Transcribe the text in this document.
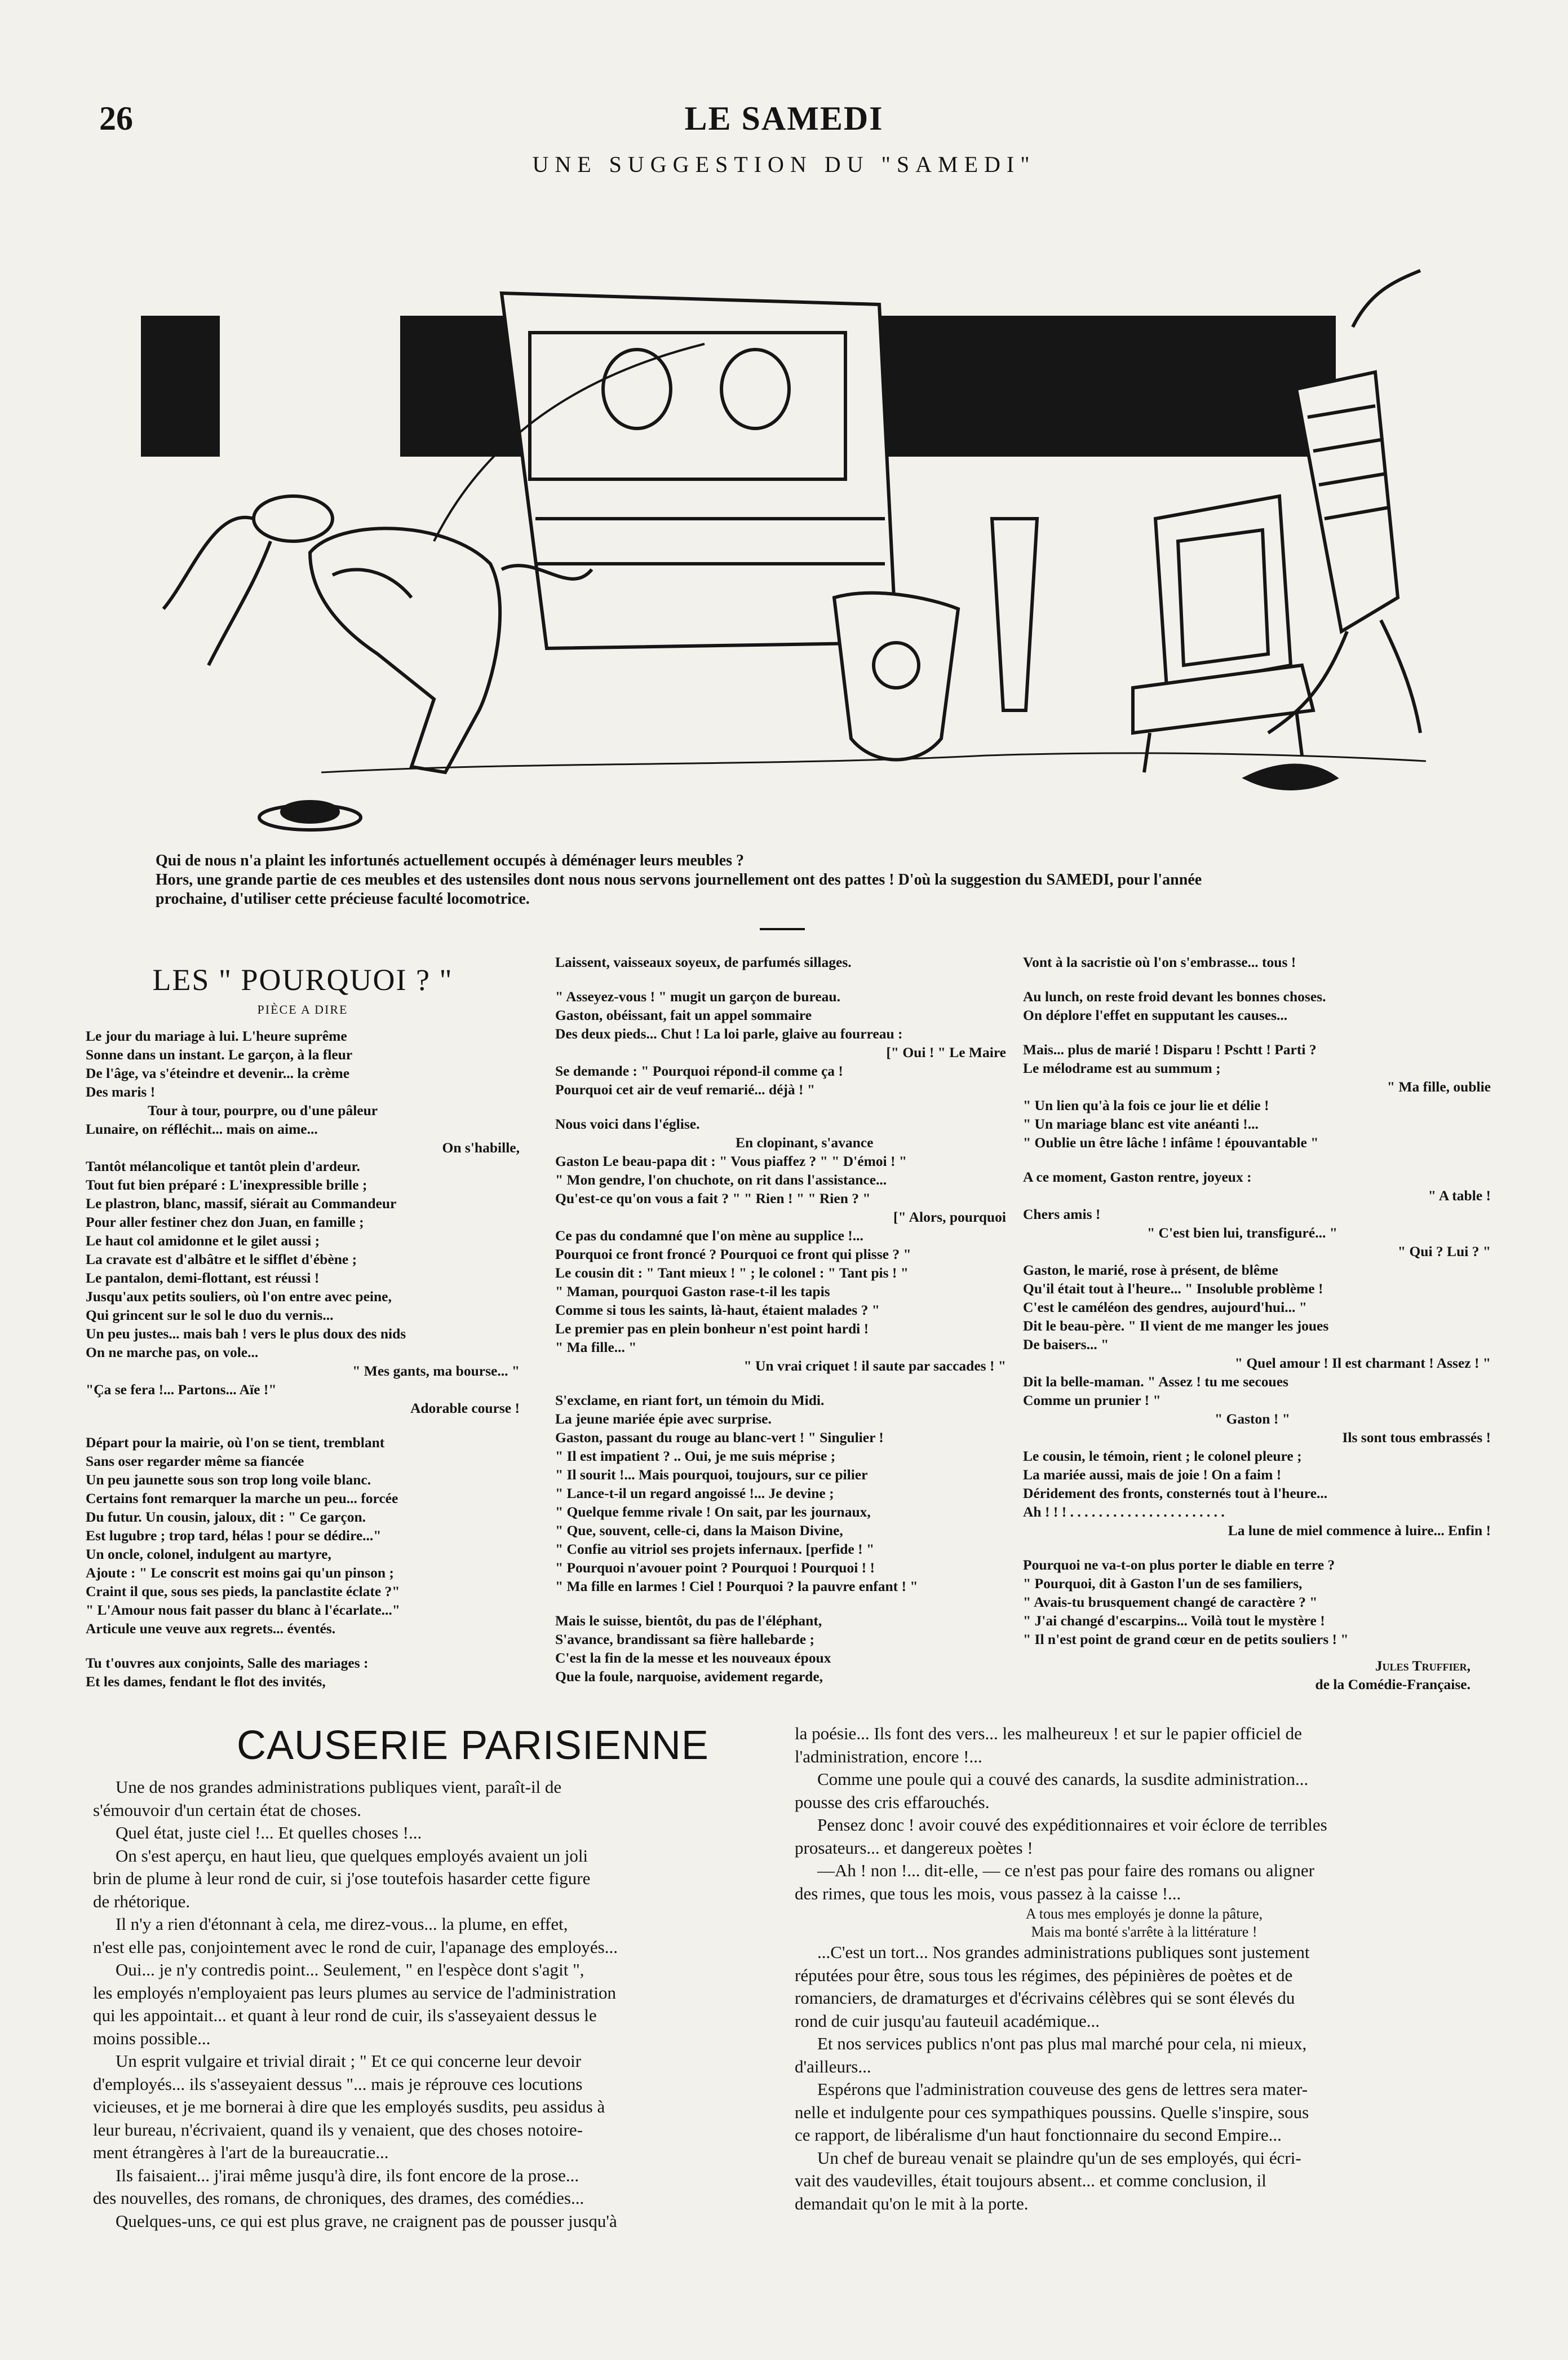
26	LE SAMEDI
UNE SUGGESTION DU "SAMEDI"

Qui de nous n'a plaint les infortunés actuellement occupés à déménager leurs meubles ?

Hors, une grande partie de ces meubles et des ustensiles dont nous nous servons journellement ont des pattes ! D'où la suggestion du SAMEDI, pour l'année

prochaine, d'utiliser cette précieuse faculté locomotrice.

LES " POURQUOI ? "
PIÈCE A DIRE

Le jour du mariage à lui. L'heure suprême

Sonne dans un instant. Le garçon, à la fleur

De l'âge, va s'éteindre et devenir... la crème

Des maris !

Tour à tour, pourpre, ou d'une pâleur

Lunaire, on réfléchit... mais on aime...

On s'habille,

Tantôt mélancolique et tantôt plein d'ardeur.

Tout fut bien préparé : L'inexpressible brille ;

Le plastron, blanc, massif, siérait au Commandeur

Pour aller festiner chez don Juan, en famille ;

Le haut col amidonne et le gilet aussi ;

La cravate est d'albâtre et le sifflet d'ébène ;

Le pantalon, demi-flottant, est réussi !

Jusqu'aux petits souliers, où l'on entre avec peine,

Qui grincent sur le sol le duo du vernis...

Un peu justes... mais bah ! vers le plus doux des nids

On ne marche pas, on vole...

" Mes gants, ma bourse... "

"Ça se fera !... Partons... Aïe !"

Adorable course !

Départ pour la mairie, où l'on se tient, tremblant

Sans oser regarder même sa fiancée

Un peu jaunette sous son trop long voile blanc.

Certains font remarquer la marche un peu... forcée

Du futur. Un cousin, jaloux, dit : " Ce garçon.

Est lugubre ; trop tard, hélas ! pour se dédire..."

Un oncle, colonel, indulgent au martyre,

Ajoute : " Le conscrit est moins gai qu'un pinson ;

Craint il que, sous ses pieds, la panclastite éclate ?"

" L'Amour nous fait passer du blanc à l'écarlate..."

Articule une veuve aux regrets... éventés.

Tu t'ouvres aux conjoints, Salle des mariages :

Et les dames, fendant le flot des invités,

Laissent, vaisseaux soyeux, de parfumés sillages.

" Asseyez-vous ! " mugit un garçon de bureau.

Gaston, obéissant, fait un appel sommaire

Des deux pieds... Chut ! La loi parle, glaive au fourreau :

[" Oui ! " Le Maire

Se demande : " Pourquoi répond-il comme ça !

Pourquoi cet air de veuf remarié... déjà ! "

Nous voici dans l'église.

En clopinant, s'avance

Gaston Le beau-papa dit : " Vous piaffez ? " " D'émoi ! "

" Mon gendre, l'on chuchote, on rit dans l'assistance...

Qu'est-ce qu'on vous a fait ? " " Rien ! " " Rien ? "

[" Alors, pourquoi

Ce pas du condamné que l'on mène au supplice !...

Pourquoi ce front froncé ? Pourquoi ce front qui plisse ? "

Le cousin dit : " Tant mieux ! " ; le colonel : " Tant pis ! "

" Maman, pourquoi Gaston rase-t-il les tapis

Comme si tous les saints, là-haut, étaient malades ? "

Le premier pas en plein bonheur n'est point hardi !

" Ma fille... "

" Un vrai criquet ! il saute par saccades ! "

S'exclame, en riant fort, un témoin du Midi.

La jeune mariée épie avec surprise.

Gaston, passant du rouge au blanc-vert ! " Singulier !

" Il est impatient ? .. Oui, je me suis méprise ;

" Il sourit !... Mais pourquoi, toujours, sur ce pilier

" Lance-t-il un regard angoissé !... Je devine ;

" Quelque femme rivale ! On sait, par les journaux,

" Que, souvent, celle-ci, dans la Maison Divine,

" Confie au vitriol ses projets infernaux. [perfide ! "

" Pourquoi n'avouer point ? Pourquoi ! Pourquoi ! !

" Ma fille en larmes ! Ciel ! Pourquoi ? la pauvre enfant ! "

Mais le suisse, bientôt, du pas de l'éléphant,

S'avance, brandissant sa fière hallebarde ;

C'est la fin de la messe et les nouveaux époux

Que la foule, narquoise, avidement regarde,

Vont à la sacristie où l'on s'embrasse... tous !

Au lunch, on reste froid devant les bonnes choses.

On déplore l'effet en supputant les causes...

Mais... plus de marié ! Disparu ! Pschtt ! Parti ?

Le mélodrame est au summum ;

" Ma fille, oublie

" Un lien qu'à la fois ce jour lie et délie !

" Un mariage blanc est vite anéanti !...

" Oublie un être lâche ! infâme ! épouvantable "

A ce moment, Gaston rentre, joyeux :

" A table !

Chers amis !

" C'est bien lui, transfiguré... "

" Qui ? Lui ? "

Gaston, le marié, rose à présent, de blême

Qu'il était tout à l'heure... " Insoluble problème !

C'est le caméléon des gendres, aujourd'hui... "

Dit le beau-père. " Il vient de me manger les joues

De baisers... "

" Quel amour ! Il est charmant ! Assez ! "

Dit la belle-maman. " Assez ! tu me secoues

Comme un prunier ! "

" Gaston ! "

Ils sont tous embrassés !

Le cousin, le témoin, rient ; le colonel pleure ;

La mariée aussi, mais de joie ! On a faim !

Déridement des fronts, consternés tout à l'heure...

Ah ! ! ! . . . . . . . . . . . . . . . . . . . . . .

La lune de miel commence à luire... Enfin !

Pourquoi ne va-t-on plus porter le diable en terre ?

" Pourquoi, dit à Gaston l'un de ses familiers,

" Avais-tu brusquement changé de caractère ? "

" J'ai changé d'escarpins... Voilà tout le mystère !

" Il n'est point de grand cœur en de petits souliers ! "

Jules Truffier,

de la Comédie-Française.

CAUSERIE PARISIENNE

Une de nos grandes administrations publiques vient, paraît-il de

s'émouvoir d'un certain état de choses.

Quel état, juste ciel !... Et quelles choses !...

On s'est aperçu, en haut lieu, que quelques employés avaient un joli

brin de plume à leur rond de cuir, si j'ose toutefois hasarder cette figure

de rhétorique.

Il n'y a rien d'étonnant à cela, me direz-vous... la plume, en effet,

n'est elle pas, conjointement avec le rond de cuir, l'apanage des employés...

Oui... je n'y contredis point... Seulement, " en l'espèce dont s'agit ",

les employés n'employaient pas leurs plumes au service de l'administration

qui les appointait... et quant à leur rond de cuir, ils s'asseyaient dessus le

moins possible...

Un esprit vulgaire et trivial dirait ; " Et ce qui concerne leur devoir

d'employés... ils s'asseyaient dessus "... mais je réprouve ces locutions

vicieuses, et je me bornerai à dire que les employés susdits, peu assidus à

leur bureau, n'écrivaient, quand ils y venaient, que des choses notoire-

ment étrangères à l'art de la bureaucratie...

Ils faisaient... j'irai même jusqu'à dire, ils font encore de la prose...

des nouvelles, des romans, de chroniques, des drames, des comédies...

Quelques-uns, ce qui est plus grave, ne craignent pas de pousser jusqu'à

la poésie... Ils font des vers... les malheureux ! et sur le papier officiel de

l'administration, encore !...

Comme une poule qui a couvé des canards, la susdite administration...

pousse des cris effarouchés.

Pensez donc ! avoir couvé des expéditionnaires et voir éclore de terribles

prosateurs... et dangereux poètes !

—Ah ! non !... dit-elle, — ce n'est pas pour faire des romans ou aligner

des rimes, que tous les mois, vous passez à la caisse !...

A tous mes employés je donne la pâture,

Mais ma bonté s'arrête à la littérature !

...C'est un tort... Nos grandes administrations publiques sont justement

réputées pour être, sous tous les régimes, des pépinières de poètes et de

romanciers, de dramaturges et d'écrivains célèbres qui se sont élevés du

rond de cuir jusqu'au fauteuil académique...

Et nos services publics n'ont pas plus mal marché pour cela, ni mieux,

d'ailleurs...

Espérons que l'administration couveuse des gens de lettres sera mater-

nelle et indulgente pour ces sympathiques poussins. Quelle s'inspire, sous

ce rapport, de libéralisme d'un haut fonctionnaire du second Empire...

Un chef de bureau venait se plaindre qu'un de ses employés, qui écri-

vait des vaudevilles, était toujours absent... et comme conclusion, il

demandait qu'on le mit à la porte.
